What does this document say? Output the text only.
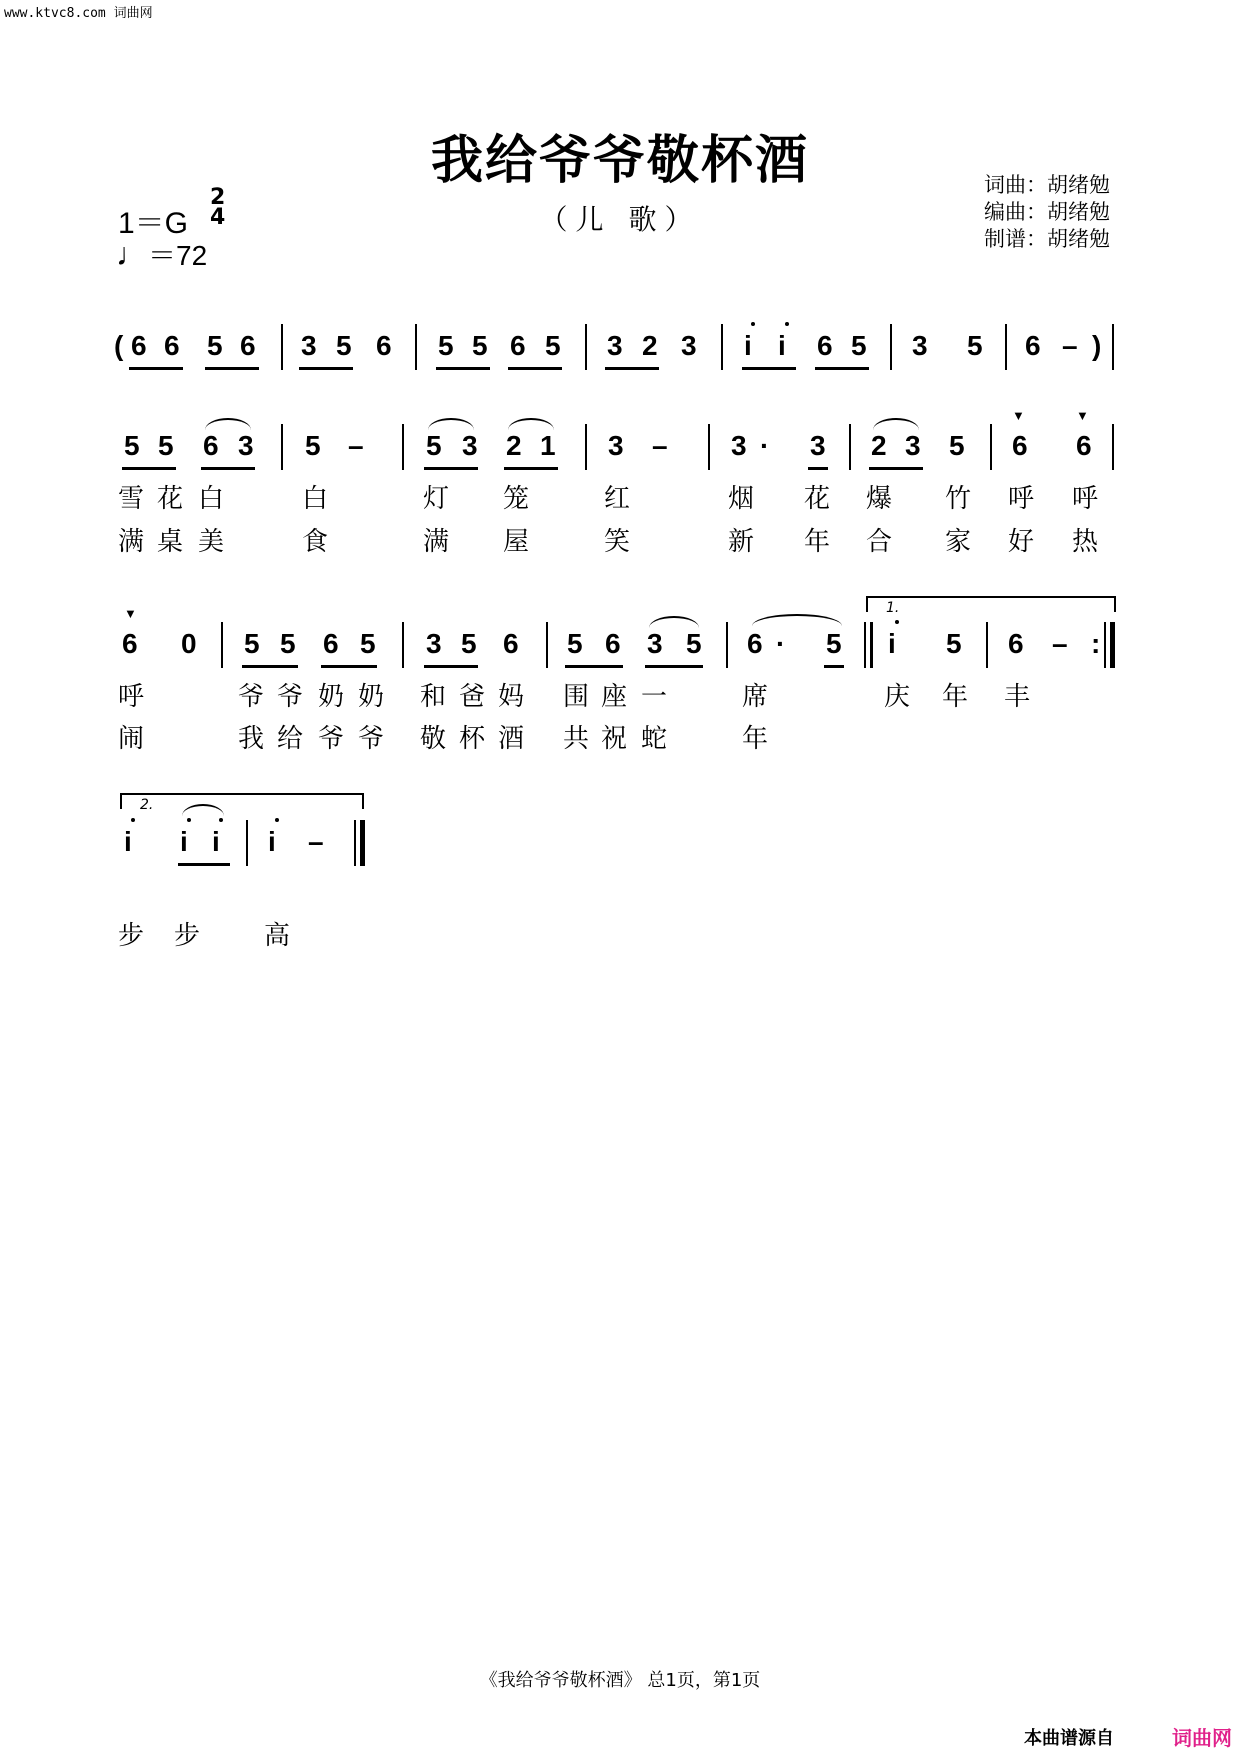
www.ktvc8.com 词曲网
我给爷爷敬杯酒
（儿 歌）
词曲：胡绪勉
编曲：胡绪勉
制谱：胡绪勉
1＝G
2
4
♩＝72
( 6 6 5 6 3 5 6 5 5 6 5 3 2 3 i i 6 5 3 5 6 – )
5 5 6 3 5 – 5 3 2 1 3 – 3 · 3 2 3 5
▼
6
▼
6
雪 花 白	白	灯 笼	红	烟 花 爆 竹 呼 呼
满 桌 美	食	满 屋	笑	新 年 合 家 好 热
1.
▼
6 0 5 5 6 5 3 5 6 5 6 3 5 6 · 5 i 5 6 – :
呼	爷 爷 奶 奶 和 爸 妈 围 座 一	席	庆 年 丰
闹	我 给 爷 爷 敬 杯 酒 共 祝 蛇	年
2.
i i i i –
步 步 高
《我给爷爷敬杯酒》 总1页，第1页
本曲谱源自	词曲网
